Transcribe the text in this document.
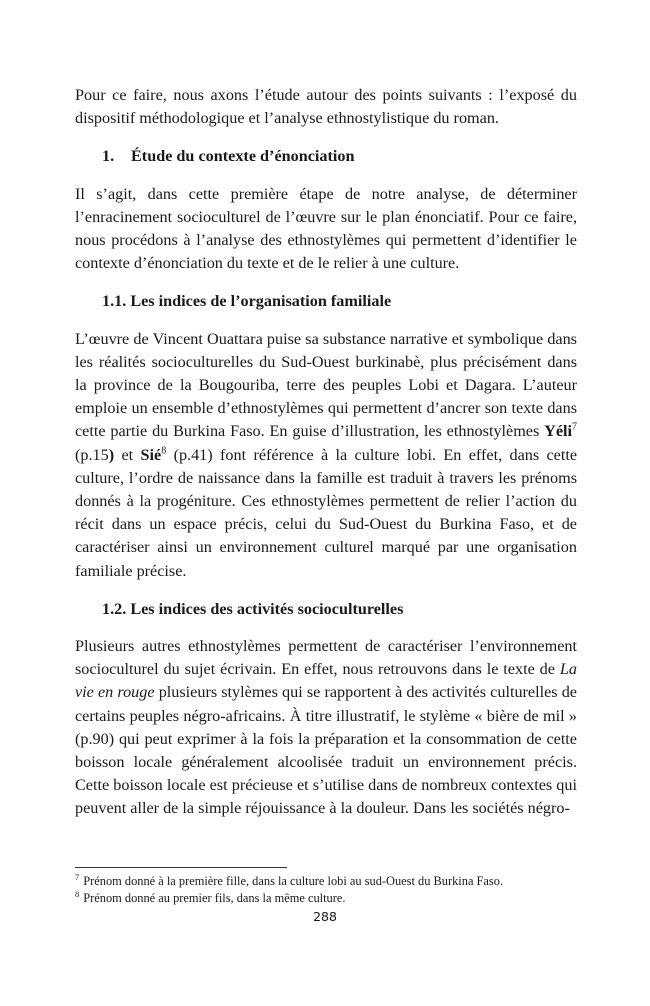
Pour ce faire, nous axons l’étude autour des points suivants : l’exposé du dispositif méthodologique et l’analyse ethnostylistique du roman.

1. Étude du contexte d’énonciation

Il s’agit, dans cette première étape de notre analyse, de déterminer l’enracinement socioculturel de l’œuvre sur le plan énonciatif. Pour ce faire, nous procédons à l’analyse des ethnostylèmes qui permettent d’identifier le contexte d’énonciation du texte et de le relier à une culture.

1.1. Les indices de l’organisation familiale

L’œuvre de Vincent Ouattara puise sa substance narrative et symbolique dans les réalités socioculturelles du Sud-Ouest burkinabè, plus précisément dans la province de la Bougouriba, terre des peuples Lobi et Dagara. L’auteur emploie un ensemble d’ethnostylèmes qui permettent d’ancrer son texte dans cette partie du Burkina Faso. En guise d’illustration, les ethnostylèmes Yéli$^7$ (p.15) et Sié$^8$ (p.41) font référence à la culture lobi. En effet, dans cette culture, l’ordre de naissance dans la famille est traduit à travers les prénoms donnés à la progéniture. Ces ethnostylèmes permettent de relier l’action du récit dans un espace précis, celui du Sud-Ouest du Burkina Faso, et de caractériser ainsi un environnement culturel marqué par une organisation familiale précise.

1.2. Les indices des activités socioculturelles

Plusieurs autres ethnostylèmes permettent de caractériser l’environnement socioculturel du sujet écrivain. En effet, nous retrouvons dans le texte de La vie en rouge plusieurs stylèmes qui se rapportent à des activités culturelles de certains peuples négro-africains. À titre illustratif, le stylème « bière de mil » (p.90) qui peut exprimer à la fois la préparation et la consommation de cette boisson locale généralement alcoolisée traduit un environnement précis. Cette boisson locale est précieuse et s’utilise dans de nombreux contextes qui peuvent aller de la simple réjouissance à la douleur. Dans les sociétés négro-

$^7$ Prénom donné à la première fille, dans la culture lobi au sud-Ouest du Burkina Faso.

$^8$ Prénom donné au premier fils, dans la même culture.

288
